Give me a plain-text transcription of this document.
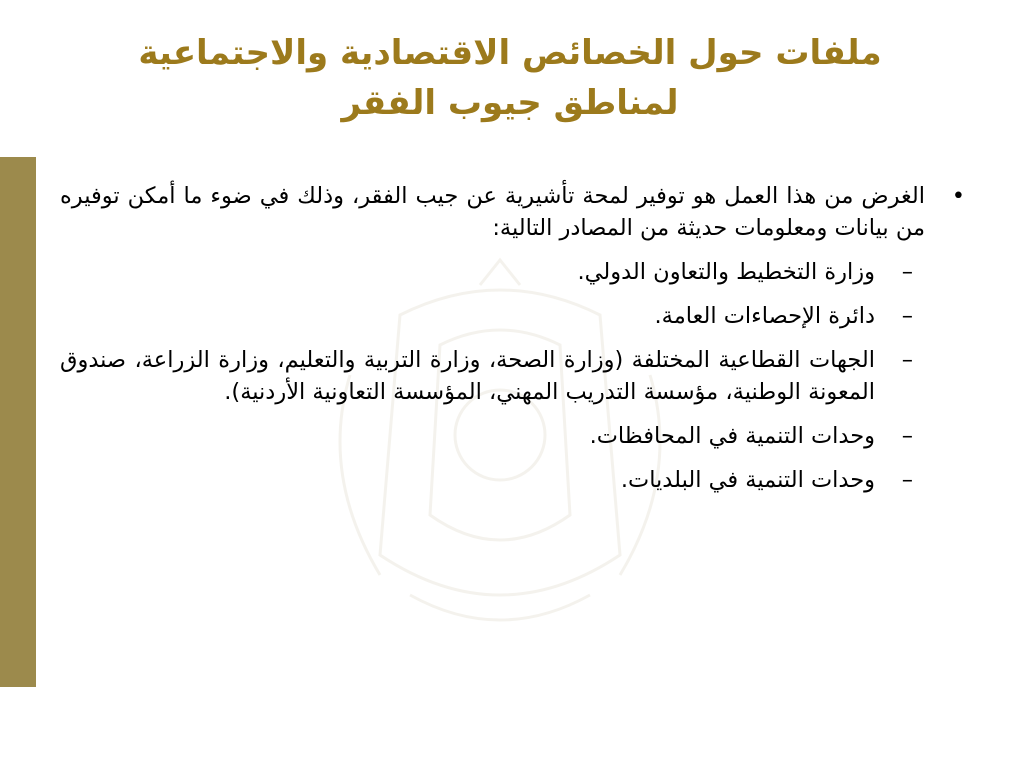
ملفات حول الخصائص الاقتصادية والاجتماعية
لمناطق جيوب الفقر
•
الغرض من هذا العمل هو توفير لمحة تأشيرية عن جيب الفقر، وذلك في ضوء ما أمكن توفيره من بيانات ومعلومات حديثة من المصادر التالية:
–
وزارة التخطيط والتعاون الدولي.
–
دائرة الإحصاءات العامة.
–
الجهات القطاعية المختلفة (وزارة الصحة، وزارة التربية والتعليم، وزارة الزراعة، صندوق المعونة الوطنية، مؤسسة التدريب المهني، المؤسسة التعاونية الأردنية).
–
وحدات التنمية في المحافظات.
–
وحدات التنمية في البلديات.
